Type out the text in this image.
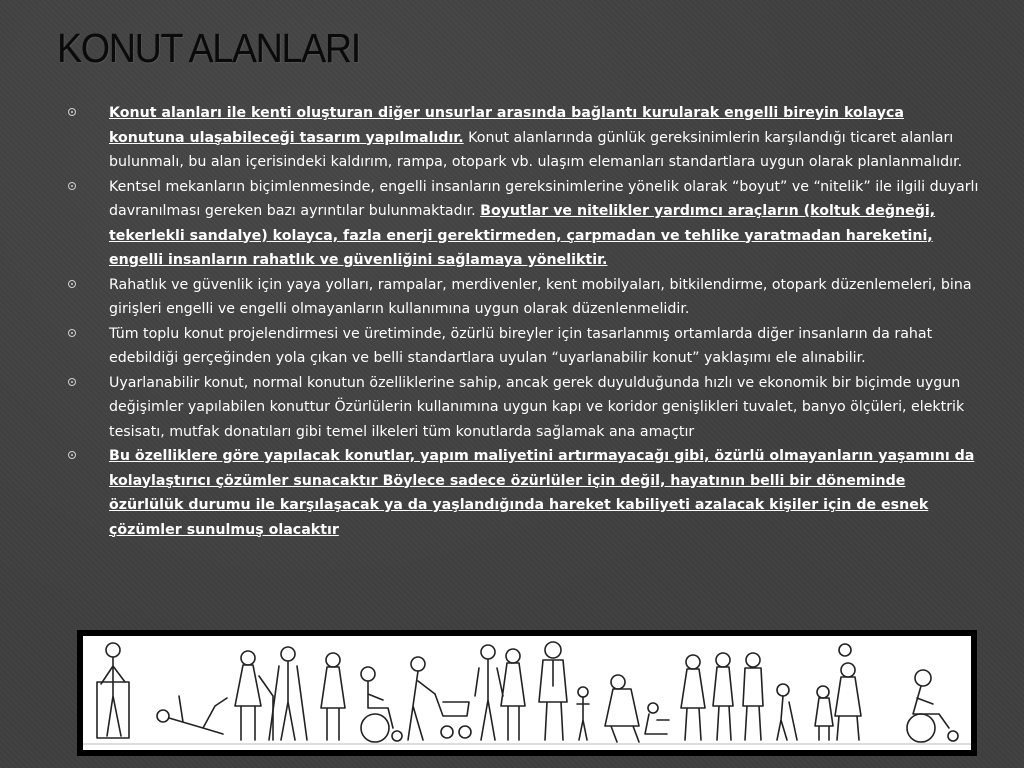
KONUT ALANLARI
Konut alanları ile kenti oluşturan diğer unsurlar arasında bağlantı kurularak engelli bireyin kolayca konutuna ulaşabileceği tasarım yapılmalıdır. Konut alanlarında günlük gereksinimlerin karşılandığı ticaret alanları bulunmalı, bu alan içerisindeki kaldırım, rampa, otopark vb. ulaşım elemanları standartlara uygun olarak planlanmalıdır.
Kentsel mekanların biçimlenmesinde, engelli insanların gereksinimlerine yönelik olarak “boyut” ve “nitelik” ile ilgili duyarlı davranılması gereken bazı ayrıntılar bulunmaktadır. Boyutlar ve nitelikler yardımcı araçların (koltuk değneği, tekerlekli sandalye) kolayca, fazla enerji gerektirmeden, çarpmadan ve tehlike yaratmadan hareketini, engelli insanların rahatlık ve güvenliğini sağlamaya yöneliktir.
Rahatlık ve güvenlik için yaya yolları, rampalar, merdivenler, kent mobilyaları, bitkilendirme, otopark düzenlemeleri, bina girişleri engelli ve engelli olmayanların kullanımına uygun olarak düzenlenmelidir.
Tüm toplu konut projelendirmesi ve üretiminde, özürlü bireyler için tasarlanmış ortamlarda diğer insanların da rahat edebildiği gerçeğinden yola çıkan ve belli standartlara uyulan “uyarlanabilir konut” yaklaşımı ele alınabilir.
Uyarlanabilir konut, normal konutun özelliklerine sahip, ancak gerek duyulduğunda hızlı ve ekonomik bir biçimde uygun değişimler yapılabilen konuttur Özürlülerin kullanımına uygun kapı ve koridor genişlikleri tuvalet, banyo ölçüleri, elektrik tesisatı, mutfak donatıları gibi temel ilkeleri tüm konutlarda sağlamak ana amaçtır
Bu özelliklere göre yapılacak konutlar, yapım maliyetini artırmayacağı gibi, özürlü olmayanların yaşamını da kolaylaştırıcı çözümler sunacaktır Böylece sadece özürlüler için değil, hayatının belli bir döneminde özürlülük durumu ile karşılaşacak ya da yaşlandığında hareket kabiliyeti azalacak kişiler için de esnek çözümler sunulmuş olacaktır
